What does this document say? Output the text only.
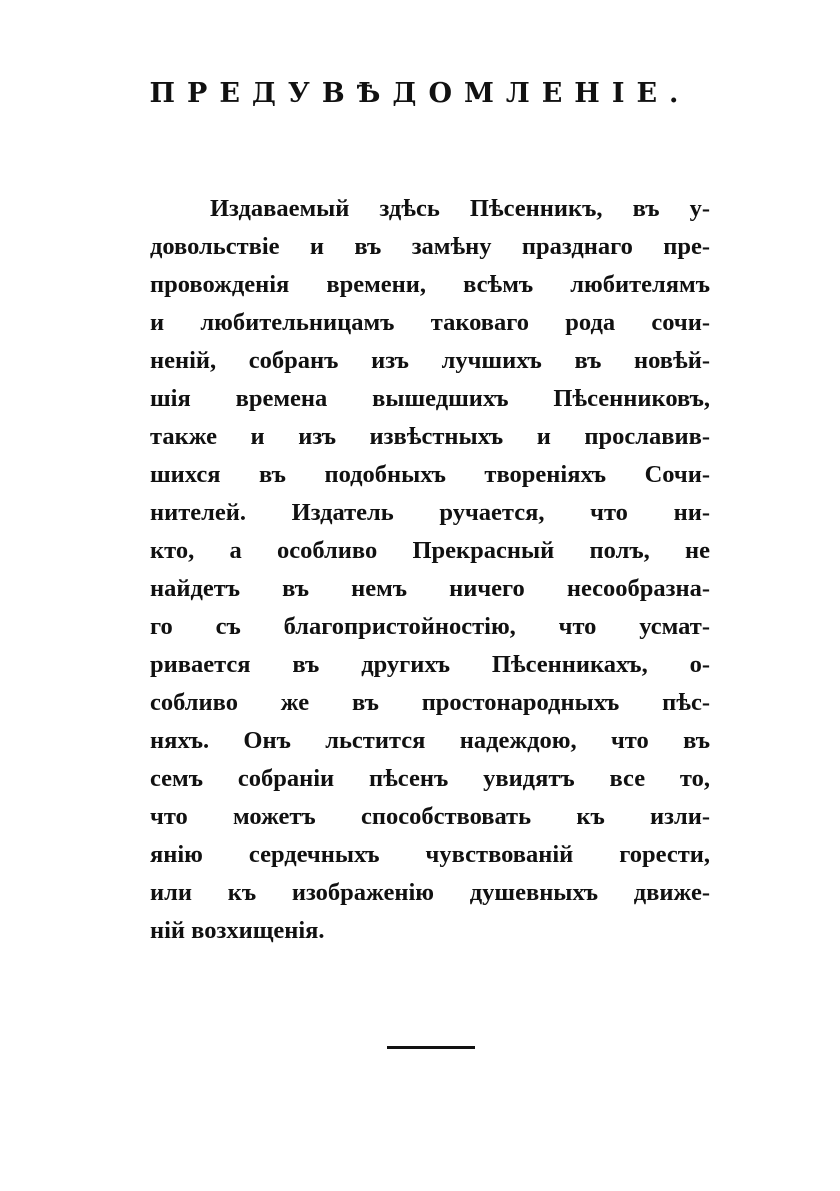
ПРЕДУВѢДОМЛЕНІЕ.
Издаваемый здѣсь Пѣсенникъ, въ у-
довольствіе и въ замѣну празднаго пре-
провожденія времени, всѣмъ любителямъ
и любительницамъ таковаго рода сочи-
неній, собранъ изъ лучшихъ въ новѣй-
шія времена вышедшихъ Пѣсенниковъ,
также и изъ извѣстныхъ и прославив-
шихся въ подобныхъ твореніяхъ Сочи-
нителей. Издатель ручается, что ни-
кто, а особливо Прекрасный полъ, не
найдетъ въ немъ ничего несообразна-
го съ благопристойностію, что усмат-
ривается въ другихъ Пѣсенникахъ, о-
собливо же въ простонародныхъ пѣс-
няхъ. Онъ льстится надеждою, что въ
семъ собраніи пѣсенъ увидятъ все то,
что можетъ способствовать къ изли-
янію сердечныхъ чувствованій горести,
или къ изображенію душевныхъ движе-
ній возхищенія.
